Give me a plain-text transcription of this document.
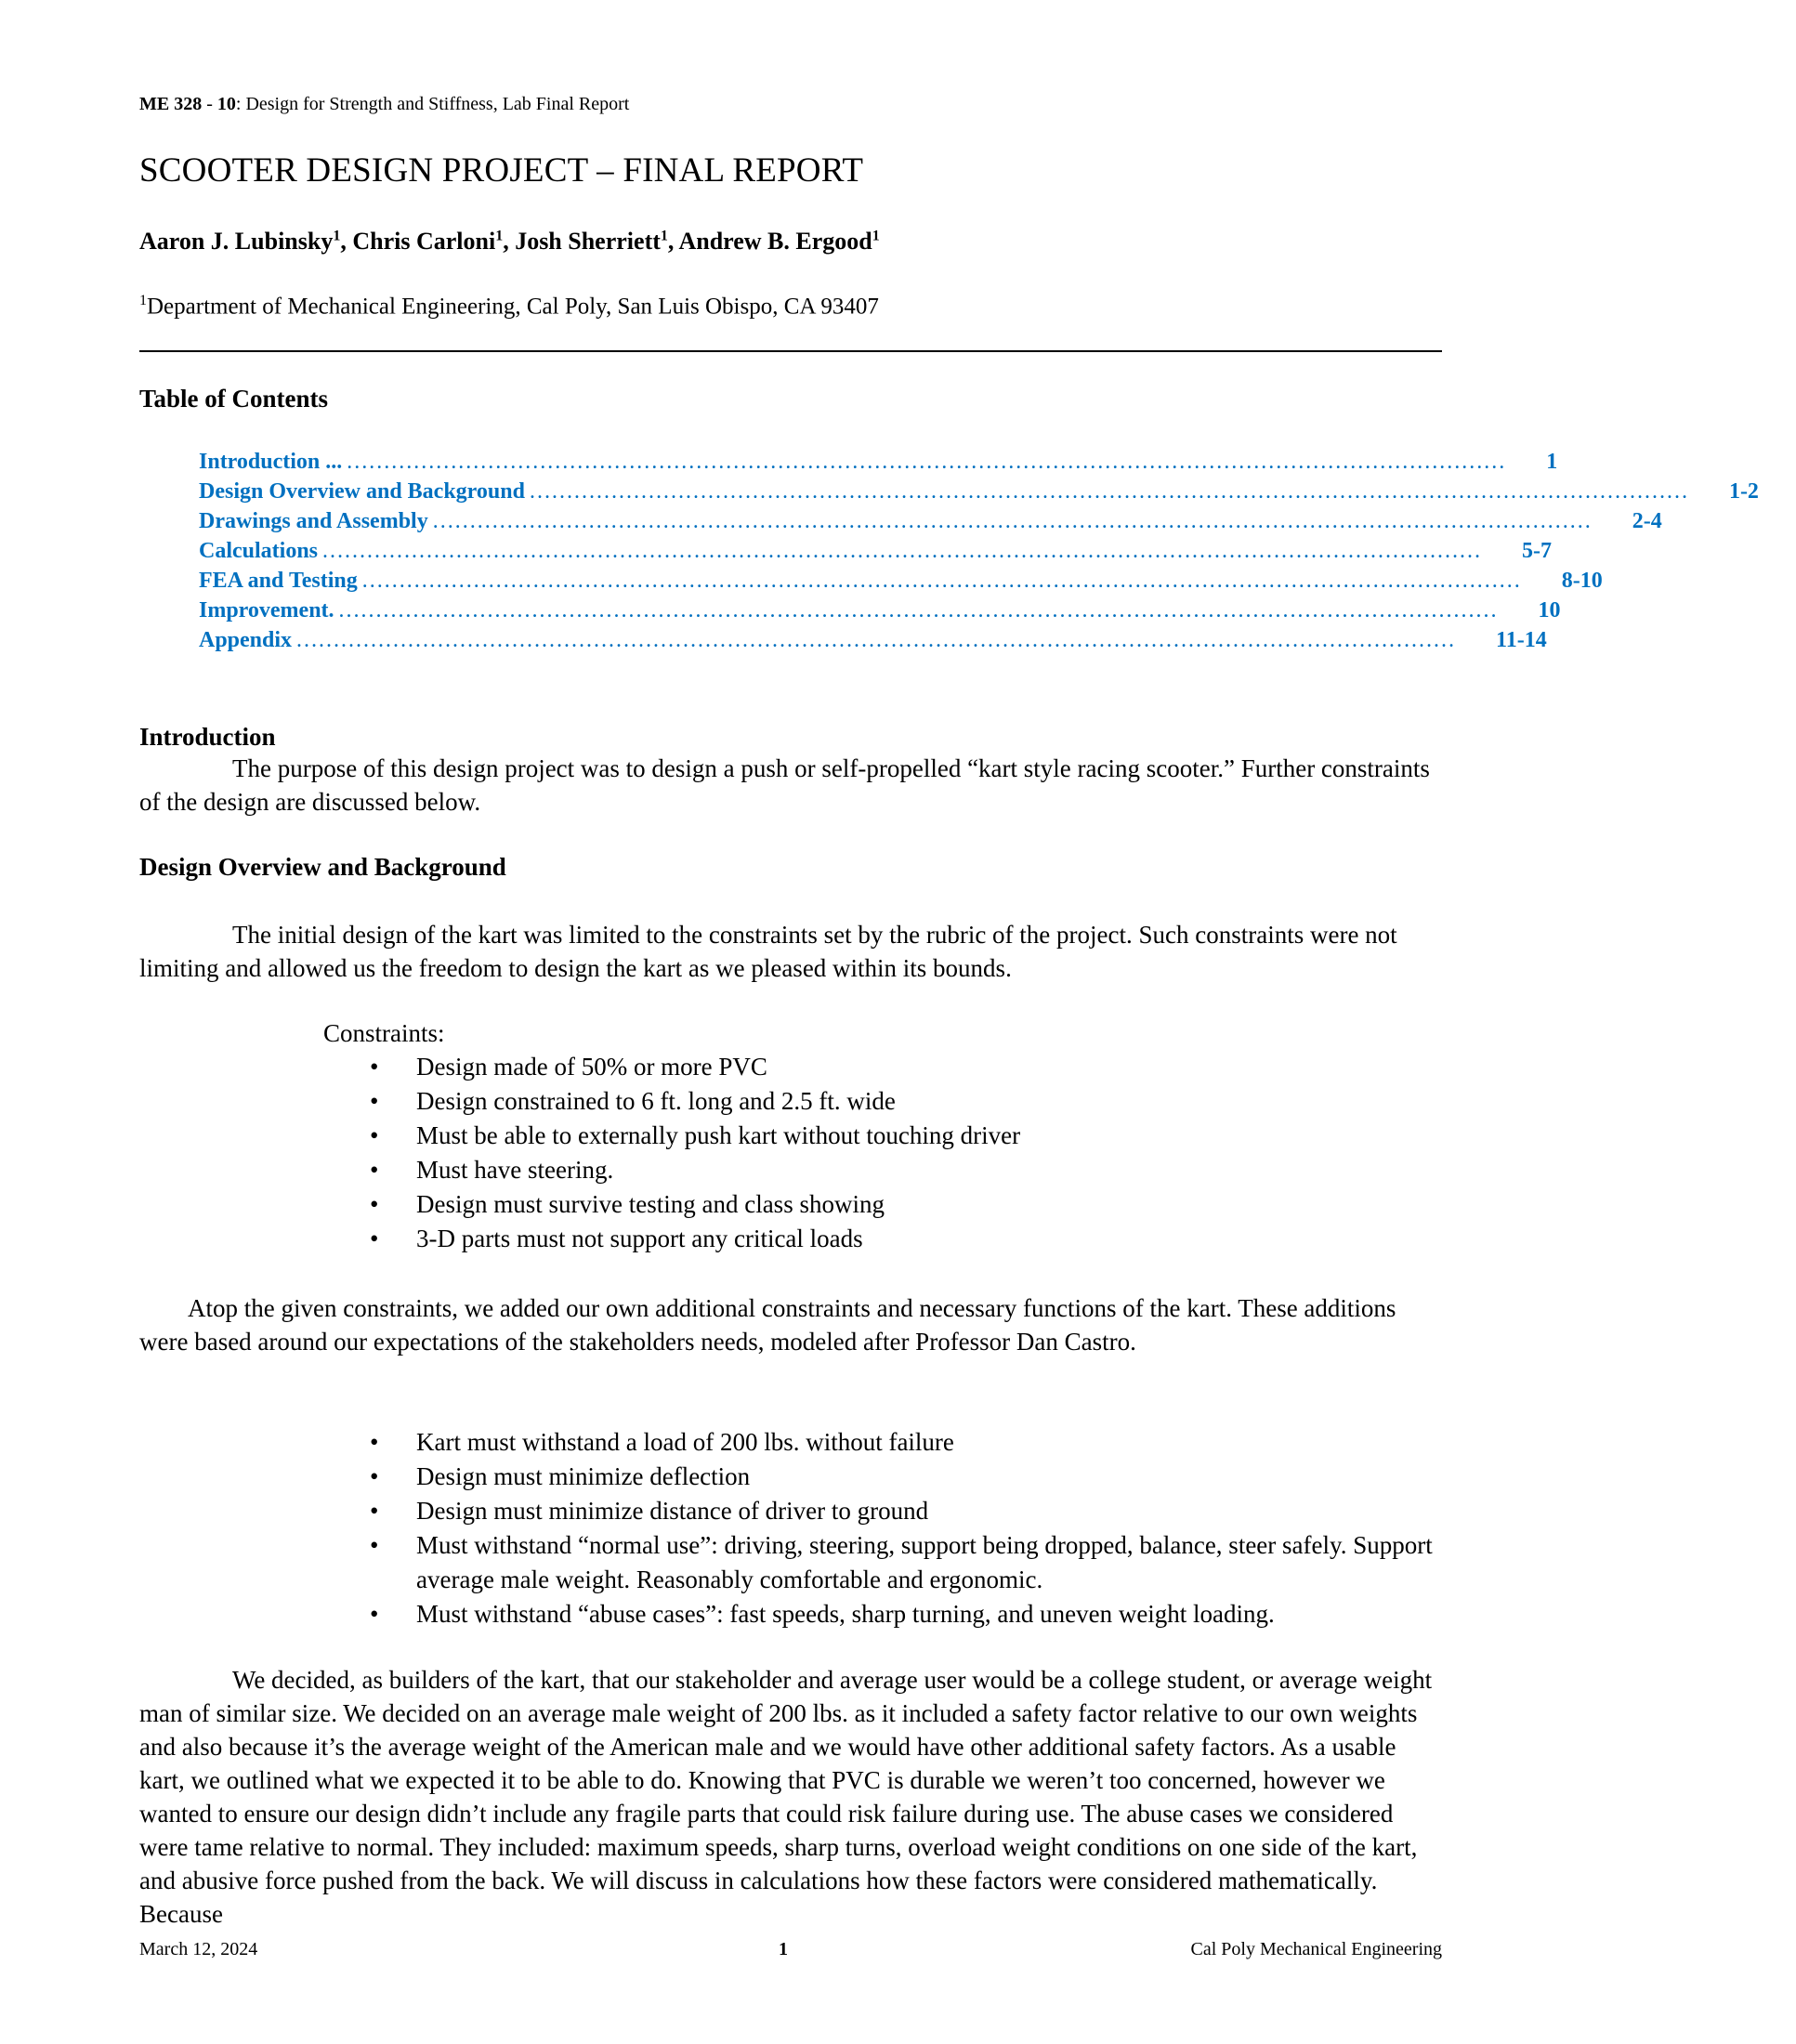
ME 328 - 10: Design for Strength and Stiffness, Lab Final Report
SCOOTER DESIGN PROJECT – FINAL REPORT
Aaron J. Lubinsky$^1$, Chris Carloni$^1$, Josh Sherriett$^1$, Andrew B. Ergood$^1$
$^1$Department of Mechanical Engineering, Cal Poly, San Luis Obispo, CA 93407
Table of Contents
Introduction ... …………………………………………………………………………………………………………………………………………	1
Design Overview and Background …………………………………………………………………………………………………………………………………………	1-2
Drawings and Assembly …………………………………………………………………………………………………………………………………………	2-4
Calculations …………………………………………………………………………………………………………………………………………	5-7
FEA and Testing …………………………………………………………………………………………………………………………………………	8-10
Improvement. …………………………………………………………………………………………………………………………………………	10
Appendix …………………………………………………………………………………………………………………………………………	11-14
Introduction
The purpose of this design project was to design a push or self-propelled “kart style racing scooter.” Further constraints of the design are discussed below.
Design Overview and Background
The initial design of the kart was limited to the constraints set by the rubric of the project. Such constraints were not limiting and allowed us the freedom to design the kart as we pleased within its bounds.
Constraints:
•	Design made of 50% or more PVC
•	Design constrained to 6 ft. long and 2.5 ft. wide
•	Must be able to externally push kart without touching driver
•	Must have steering.
•	Design must survive testing and class showing
•	3-D parts must not support any critical loads
Atop the given constraints, we added our own additional constraints and necessary functions of the kart. These additions were based around our expectations of the stakeholders needs, modeled after Professor Dan Castro.
•	Kart must withstand a load of 200 lbs. without failure
•	Design must minimize deflection
•	Design must minimize distance of driver to ground
•	Must withstand “normal use”: driving, steering, support being dropped, balance, steer safely. Support average male weight. Reasonably comfortable and ergonomic.
•	Must withstand “abuse cases”: fast speeds, sharp turning, and uneven weight loading.
We decided, as builders of the kart, that our stakeholder and average user would be a college student, or average weight man of similar size. We decided on an average male weight of 200 lbs. as it included a safety factor relative to our own weights and also because it’s the average weight of the American male and we would have other additional safety factors. As a usable kart, we outlined what we expected it to be able to do. Knowing that PVC is durable we weren’t too concerned, however we wanted to ensure our design didn’t include any fragile parts that could risk failure during use. The abuse cases we considered were tame relative to normal. They included: maximum speeds, sharp turns, overload weight conditions on one side of the kart, and abusive force pushed from the back. We will discuss in calculations how these factors were considered mathematically. Because
March 12, 2024	1	Cal Poly Mechanical Engineering
